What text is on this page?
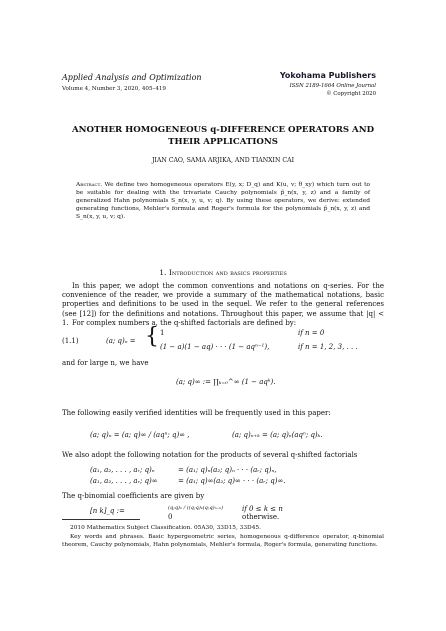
Applied Analysis and Optimization
Volume 4, Number 3, 2020, 405–419
Yokohama Publishers
ISSN 2189-1664 Online Journal
© Copyright 2020
ANOTHER HOMOGENEOUS q-DIFFERENCE OPERATORS AND
THEIR APPLICATIONS
JIAN CAO, SAMA ARJIKA, AND TIANXIN CAI
Abstract. We define two homogeneous operators E(y, x; D_q) and K(u, v; θ_xy) which turn out to be suitable for dealing with the trivariate Cauchy polynomials p̃_n(x, y, z) and a family of generalized Hahn polynomials S_n(x, y, u, v; q). By using these operators, we derive: extended generating functions, Mehler's formula and Roger's formula for the polynomials p̃_n(x, y, z) and S_n(x, y, u, v; q).
1. Introduction and basics properties
In this paper, we adopt the common conventions and notations on q-series. For the convenience of the reader, we provide a summary of the mathematical notations, basic properties and definitions to be used in the sequel. We refer to the general references (see [12]) for the definitions and notations. Throughout this paper, we assume that |q| < 1. For complex numbers a, the q-shifted factorials are defined by:
(1.1)	(a; q)ₙ = { 1	if n = 0
(1 − a)(1 − aq) · · · (1 − aqⁿ⁻¹),	if n = 1, 2, 3, . . .
and for large n, we have
(a; q)∞ := ∏ₖ₌₀^∞ (1 − aqᵏ).
The following easily verified identities will be frequently used in this paper:
(a; q)ₙ = (a; q)∞ / (aqⁿ; q)∞ ,	(a; q)ₙ₊ₖ = (a; q)ₙ(aqⁿ; q)ₖ.
We also adopt the following notation for the products of several q-shifted factorials
(a₁, a₂, . . . , aᵣ; q)ₙ	= (a₁; q)ₙ(a₂; q)ₙ · · · (aᵣ; q)ₙ,
(a₁, a₂, . . . , aᵣ; q)∞	= (a₁; q)∞(a₂; q)∞ · · · (aᵣ; q)∞.
The q-binomial coefficients are given by
[n k]_q :=	(q;q)ₙ / ((q;q)ₖ(q;q)ₙ₋ₖ)	if 0 ≤ k ≤ n
0	otherwise.
2010 Mathematics Subject Classification. 05A30, 33D15, 33D45.
Key words and phrases. Basic hypergeometric series, homogeneous q-difference operator, q-binomial theorem, Cauchy polynomials, Hahn polynomials, Mehler's formula, Roger's formula, generating functions.
